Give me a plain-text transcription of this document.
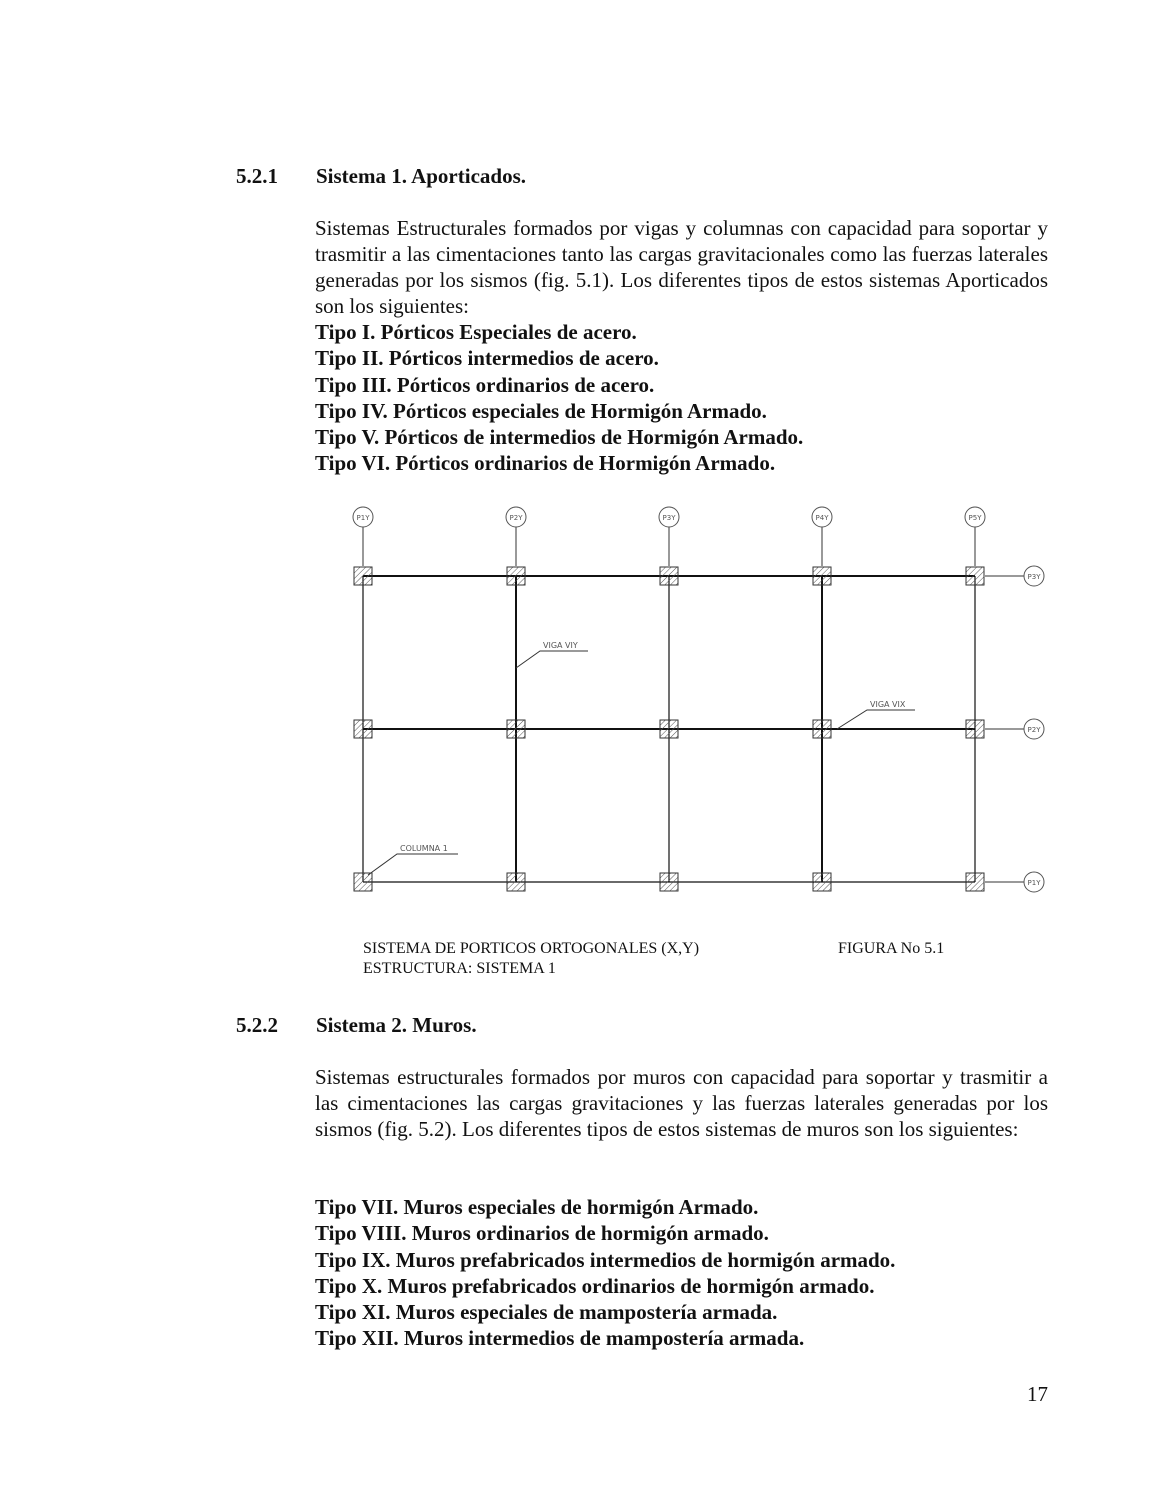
5.2.1	Sistema 1. Aporticados.
Sistemas Estructurales formados por vigas y columnas con capacidad para soportar y trasmitir a las cimentaciones tanto las cargas gravitacionales como las fuerzas laterales generadas por los sismos (fig. 5.1). Los diferentes tipos de estos sistemas Aporticados son los siguientes:
Tipo I. Pórticos Especiales de acero.
Tipo II. Pórticos intermedios de acero.
Tipo III. Pórticos ordinarios de acero.
Tipo IV. Pórticos especiales de Hormigón Armado.
Tipo V. Pórticos de intermedios de Hormigón Armado.
Tipo VI. Pórticos ordinarios de Hormigón Armado.
P1Y	P2Y	P3Y	P4Y	P5Y
P3Y
P2Y
P1Y
VIGA VIY
VIGA VIX
COLUMNA 1
SISTEMA DE PORTICOS ORTOGONALES (X,Y)
ESTRUCTURA: SISTEMA 1
FIGURA No 5.1
5.2.2	Sistema 2. Muros.
Sistemas estructurales formados por muros con capacidad para soportar y trasmitir a las cimentaciones las cargas gravitaciones y las fuerzas laterales generadas por los sismos (fig. 5.2). Los diferentes tipos de estos sistemas de muros son los siguientes:
Tipo VII. Muros especiales de hormigón Armado.
Tipo VIII. Muros ordinarios de hormigón armado.
Tipo IX. Muros prefabricados intermedios de hormigón armado.
Tipo X. Muros prefabricados ordinarios de hormigón armado.
Tipo XI. Muros especiales de mampostería armada.
Tipo XII. Muros intermedios de mampostería armada.
17
